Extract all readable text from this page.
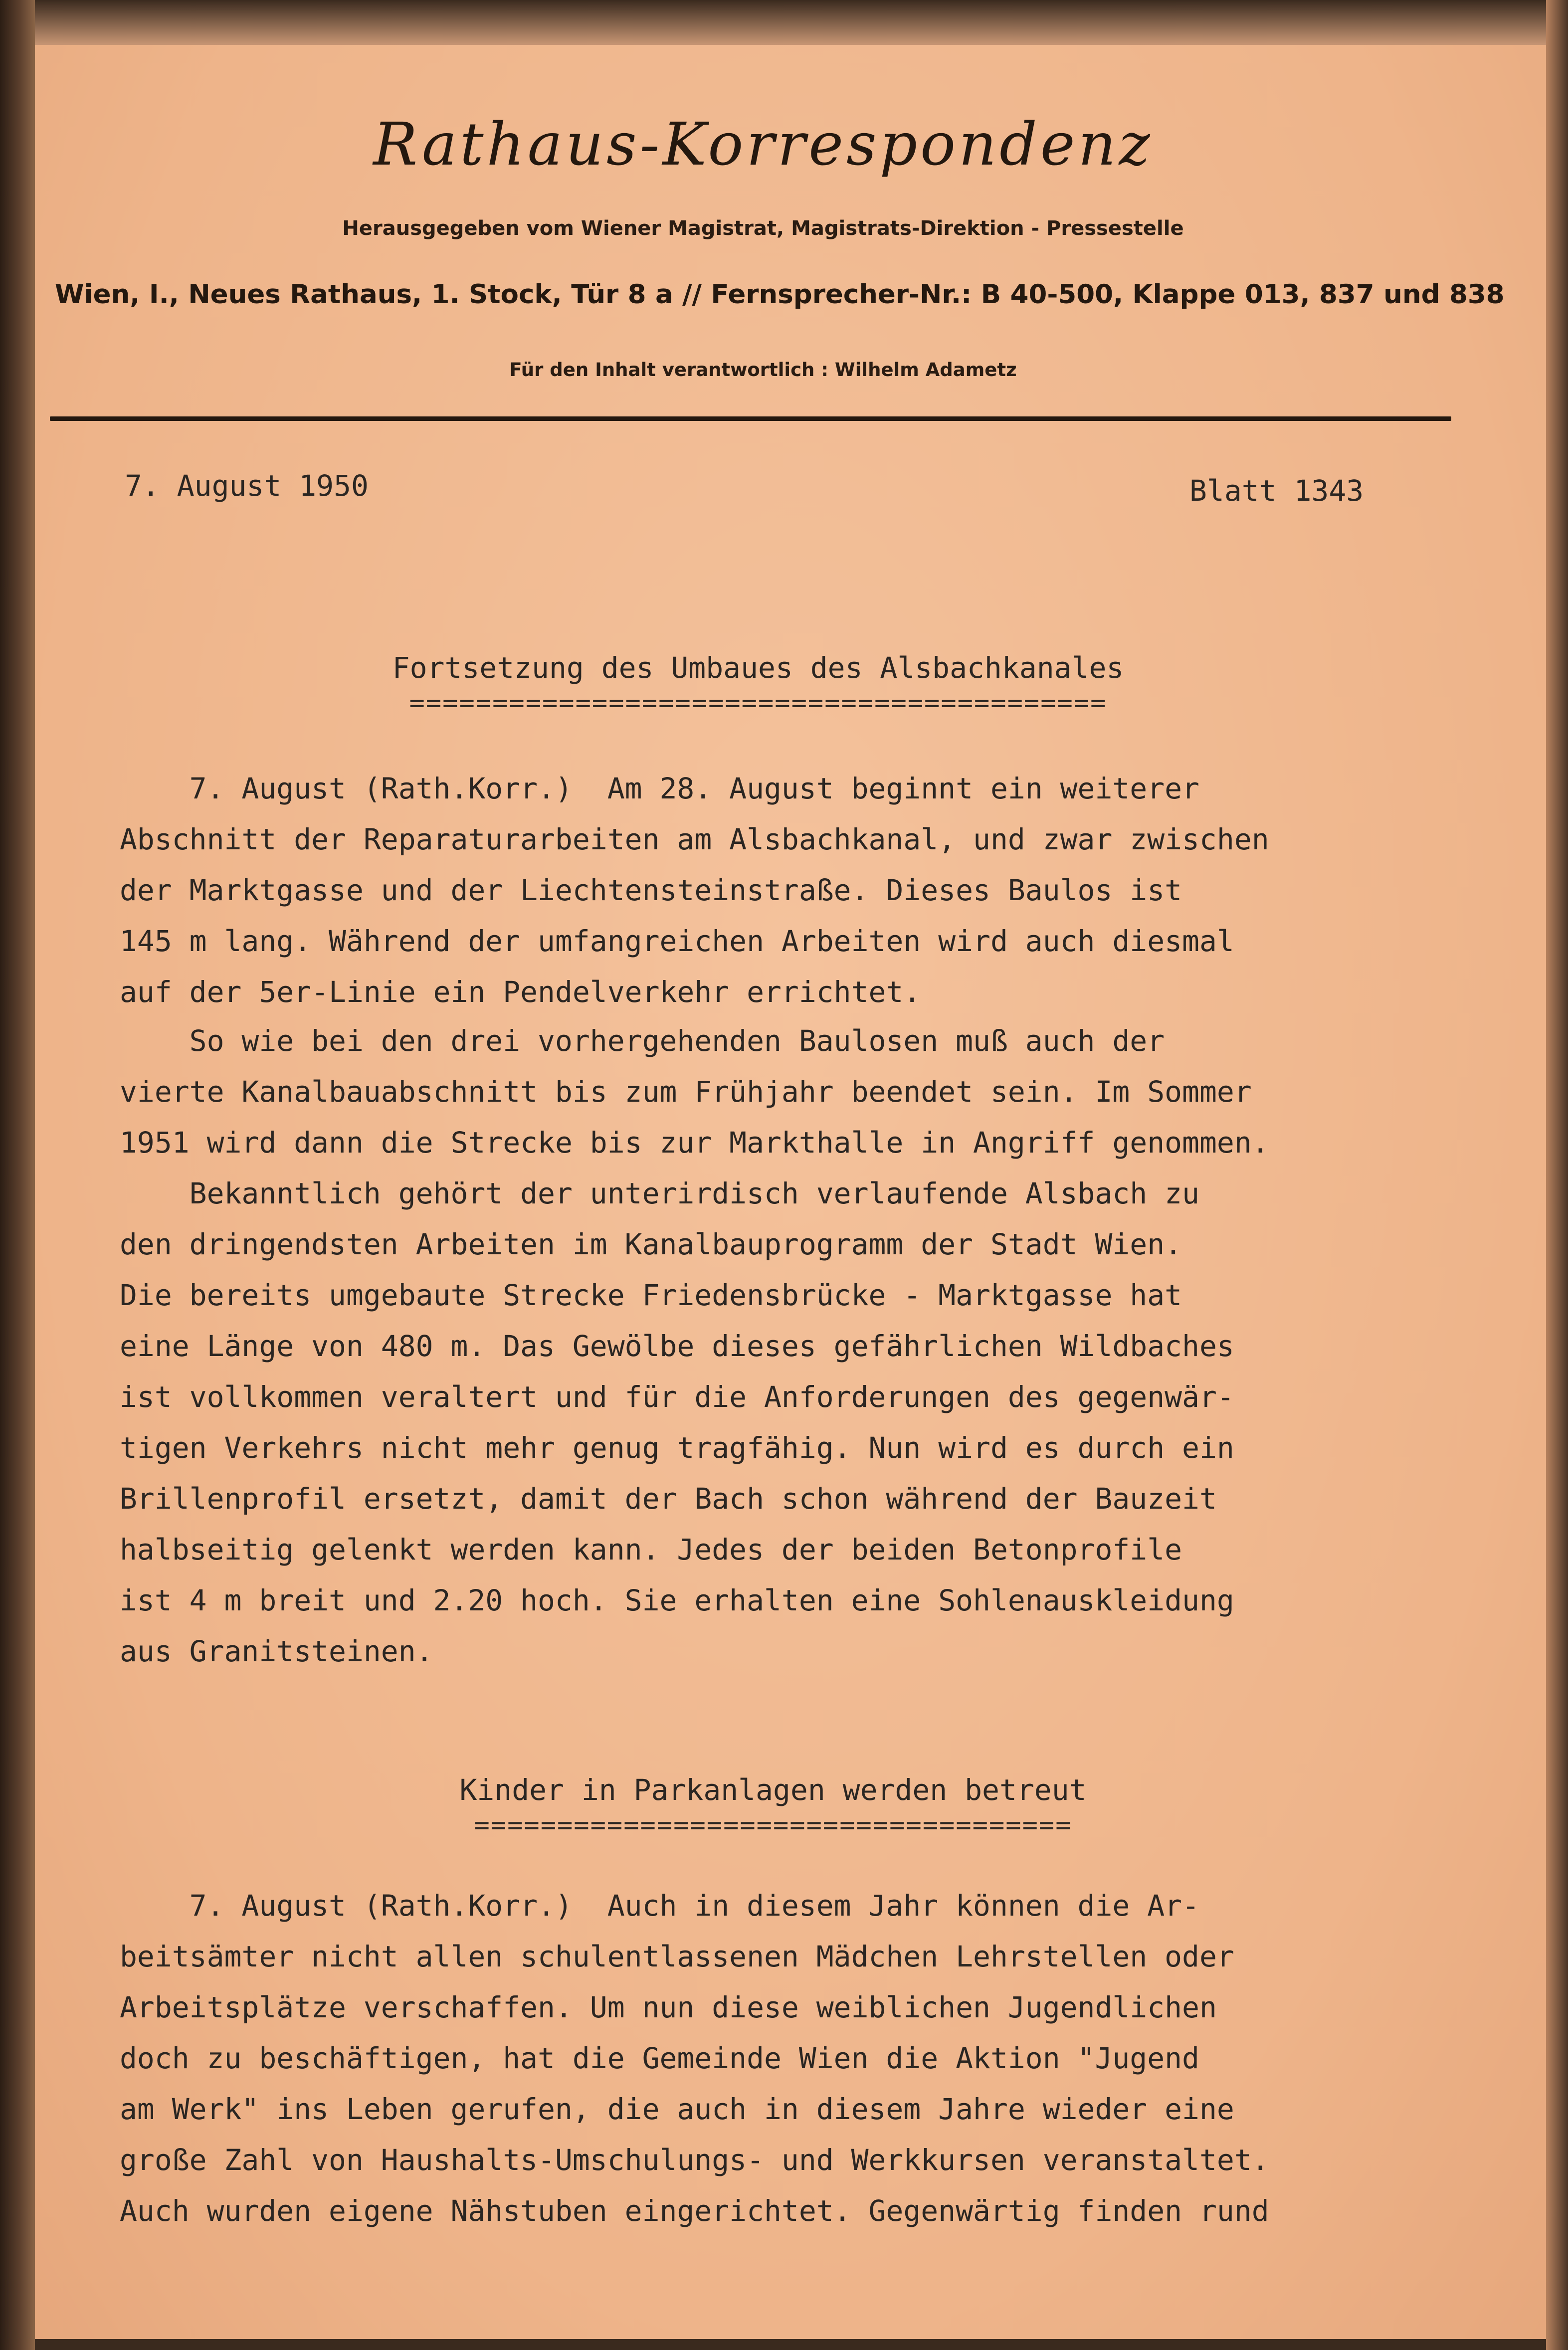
Rathaus-Korrespondenz
Herausgegeben vom Wiener Magistrat, Magistrats-Direktion - Pressestelle
Wien, I., Neues Rathaus, 1. Stock, Tür 8 a // Fernsprecher-Nr.: B 40-500, Klappe 013, 837 und 838
Für den Inhalt verantwortlich : Wilhelm Adametz
7. August 1950	Blatt 1343
Fortsetzung des Umbaues des Alsbachkanales
==========================================
7. August (Rath.Korr.)  Am 28. August beginnt ein weiterer
Abschnitt der Reparaturarbeiten am Alsbachkanal, und zwar zwischen
der Marktgasse und der Liechtensteinstraße. Dieses Baulos ist
145 m lang. Während der umfangreichen Arbeiten wird auch diesmal
auf der 5er-Linie ein Pendelverkehr errichtet.
So wie bei den drei vorhergehenden Baulosen muß auch der
vierte Kanalbauabschnitt bis zum Frühjahr beendet sein. Im Sommer
1951 wird dann die Strecke bis zur Markthalle in Angriff genommen.
Bekanntlich gehört der unterirdisch verlaufende Alsbach zu
den dringendsten Arbeiten im Kanalbauprogramm der Stadt Wien.
Die bereits umgebaute Strecke Friedensbrücke - Marktgasse hat
eine Länge von 480 m. Das Gewölbe dieses gefährlichen Wildbaches
ist vollkommen veraltert und für die Anforderungen des gegenwär-
tigen Verkehrs nicht mehr genug tragfähig. Nun wird es durch ein
Brillenprofil ersetzt, damit der Bach schon während der Bauzeit
halbseitig gelenkt werden kann. Jedes der beiden Betonprofile
ist 4 m breit und 2.20 hoch. Sie erhalten eine Sohlenauskleidung
aus Granitsteinen.
Kinder in Parkanlagen werden betreut
====================================
7. August (Rath.Korr.)  Auch in diesem Jahr können die Ar-
beitsämter nicht allen schulentlassenen Mädchen Lehrstellen oder
Arbeitsplätze verschaffen. Um nun diese weiblichen Jugendlichen
doch zu beschäftigen, hat die Gemeinde Wien die Aktion "Jugend
am Werk" ins Leben gerufen, die auch in diesem Jahre wieder eine
große Zahl von Haushalts-Umschulungs- und Werkkursen veranstaltet.
Auch wurden eigene Nähstuben eingerichtet. Gegenwärtig finden rund
